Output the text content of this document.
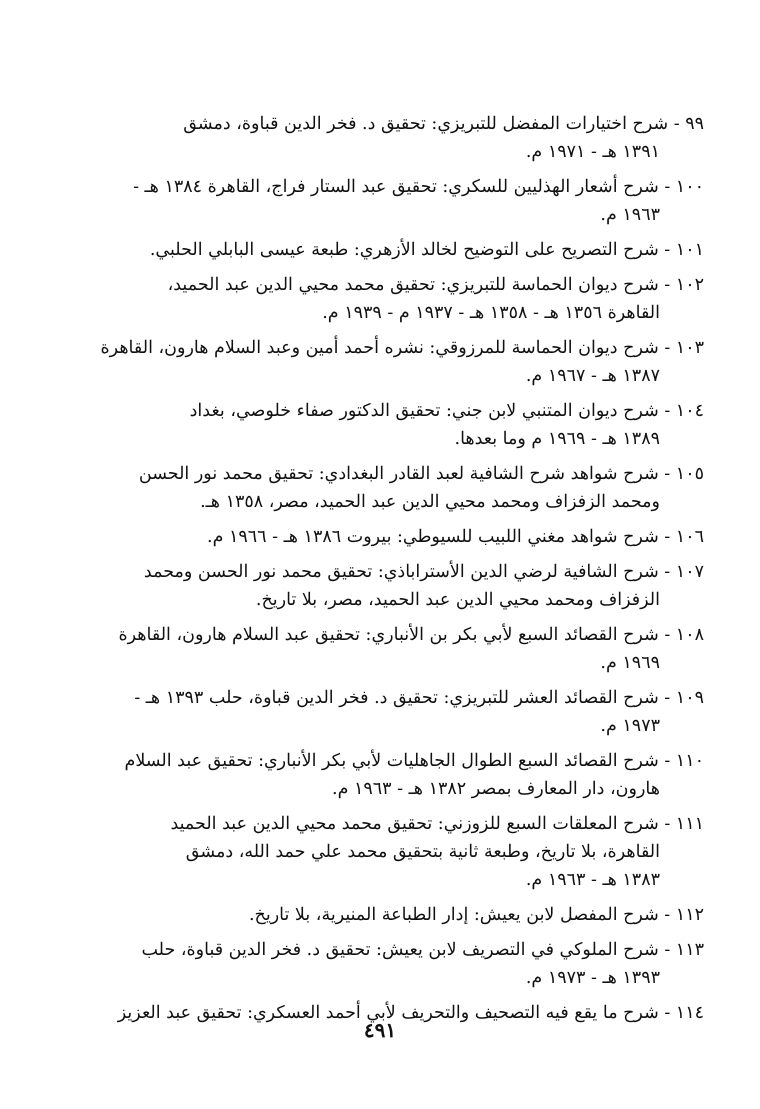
٩٩ - شرح اختيارات المفضل للتبريزي: تحقيق د. فخر الدين قباوة، دمشق
١٣٩١ هـ - ١٩٧١ م.
١٠٠ - شرح أشعار الهذليين للسكري: تحقيق عبد الستار فراج، القاهرة ١٣٨٤ هـ -
١٩٦٣ م.
١٠١ - شرح التصريح على التوضيح لخالد الأزهري: طبعة عيسى البابلي الحلبي.
١٠٢ - شرح ديوان الحماسة للتبريزي: تحقيق محمد محيي الدين عبد الحميد،
القاهرة ١٣٥٦ هـ - ١٣٥٨ هـ - ١٩٣٧ م - ١٩٣٩ م.
١٠٣ - شرح ديوان الحماسة للمرزوقي: نشره أحمد أمين وعبد السلام هارون، القاهرة
١٣٨٧ هـ - ١٩٦٧ م.
١٠٤ - شرح ديوان المتنبي لابن جني: تحقيق الدكتور صفاء خلوصي، بغداد
١٣٨٩ هـ - ١٩٦٩ م وما بعدها.
١٠٥ - شرح شواهد شرح الشافية لعبد القادر البغدادي: تحقيق محمد نور الحسن
ومحمد الزفزاف ومحمد محيي الدين عبد الحميد، مصر، ١٣٥٨ هـ.
١٠٦ - شرح شواهد مغني اللبيب للسيوطي: بيروت ١٣٨٦ هـ - ١٩٦٦ م.
١٠٧ - شرح الشافية لرضي الدين الأستراباذي: تحقيق محمد نور الحسن ومحمد
الزفزاف ومحمد محيي الدين عبد الحميد، مصر، بلا تاريخ.
١٠٨ - شرح القصائد السبع لأبي بكر بن الأنباري: تحقيق عبد السلام هارون، القاهرة
١٩٦٩ م.
١٠٩ - شرح القصائد العشر للتبريزي: تحقيق د. فخر الدين قباوة، حلب ١٣٩٣ هـ -
١٩٧٣ م.
١١٠ - شرح القصائد السبع الطوال الجاهليات لأبي بكر الأنباري: تحقيق عبد السلام
هارون، دار المعارف بمصر ١٣٨٢ هـ - ١٩٦٣ م.
١١١ - شرح المعلقات السبع للزوزني: تحقيق محمد محيي الدين عبد الحميد
القاهرة، بلا تاريخ، وطبعة ثانية بتحقيق محمد علي حمد الله، دمشق
١٣٨٣ هـ - ١٩٦٣ م.
١١٢ - شرح المفصل لابن يعيش: إدار الطباعة المنيرية، بلا تاريخ.
١١٣ - شرح الملوكي في التصريف لابن يعيش: تحقيق د. فخر الدين قباوة، حلب
١٣٩٣ هـ - ١٩٧٣ م.
١١٤ - شرح ما يقع فيه التصحيف والتحريف لأبي أحمد العسكري: تحقيق عبد العزيز
٤٩١
